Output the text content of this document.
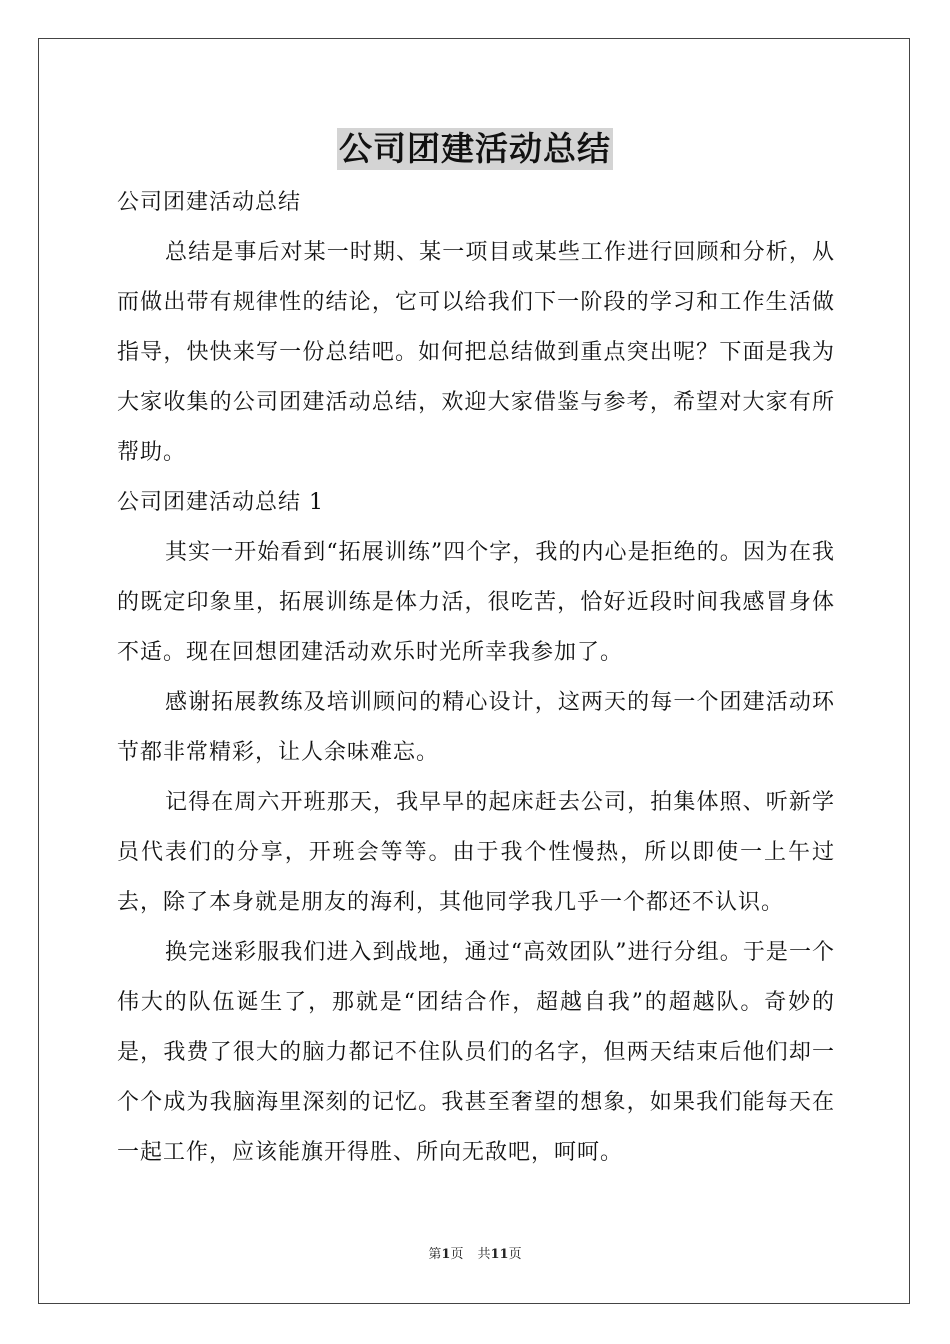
公司团建活动总结

公司团建活动总结

总结是事后对某一时期、某一项目或某些工作进行回顾和分析，从而做出带有规律性的结论，它可以给我们下一阶段的学习和工作生活做指导，快快来写一份总结吧。如何把总结做到重点突出呢？下面是我为大家收集的公司团建活动总结，欢迎大家借鉴与参考，希望对大家有所帮助。

公司团建活动总结 1

其实一开始看到“拓展训练”四个字，我的内心是拒绝的。因为在我的既定印象里，拓展训练是体力活，很吃苦，恰好近段时间我感冒身体不适。现在回想团建活动欢乐时光所幸我参加了。

感谢拓展教练及培训顾问的精心设计，这两天的每一个团建活动环节都非常精彩，让人余味难忘。

记得在周六开班那天，我早早的起床赶去公司，拍集体照、听新学员代表们的分享，开班会等等。由于我个性慢热，所以即使一上午过去，除了本身就是朋友的海利，其他同学我几乎一个都还不认识。

换完迷彩服我们进入到战地，通过“高效团队”进行分组。于是一个伟大的队伍诞生了，那就是“团结合作，超越自我”的超越队。奇妙的是，我费了很大的脑力都记不住队员们的名字，但两天结束后他们却一个个成为我脑海里深刻的记忆。我甚至奢望的想象，如果我们能每天在一起工作，应该能旗开得胜、所向无敌吧，呵呵。

第1页 共11页
